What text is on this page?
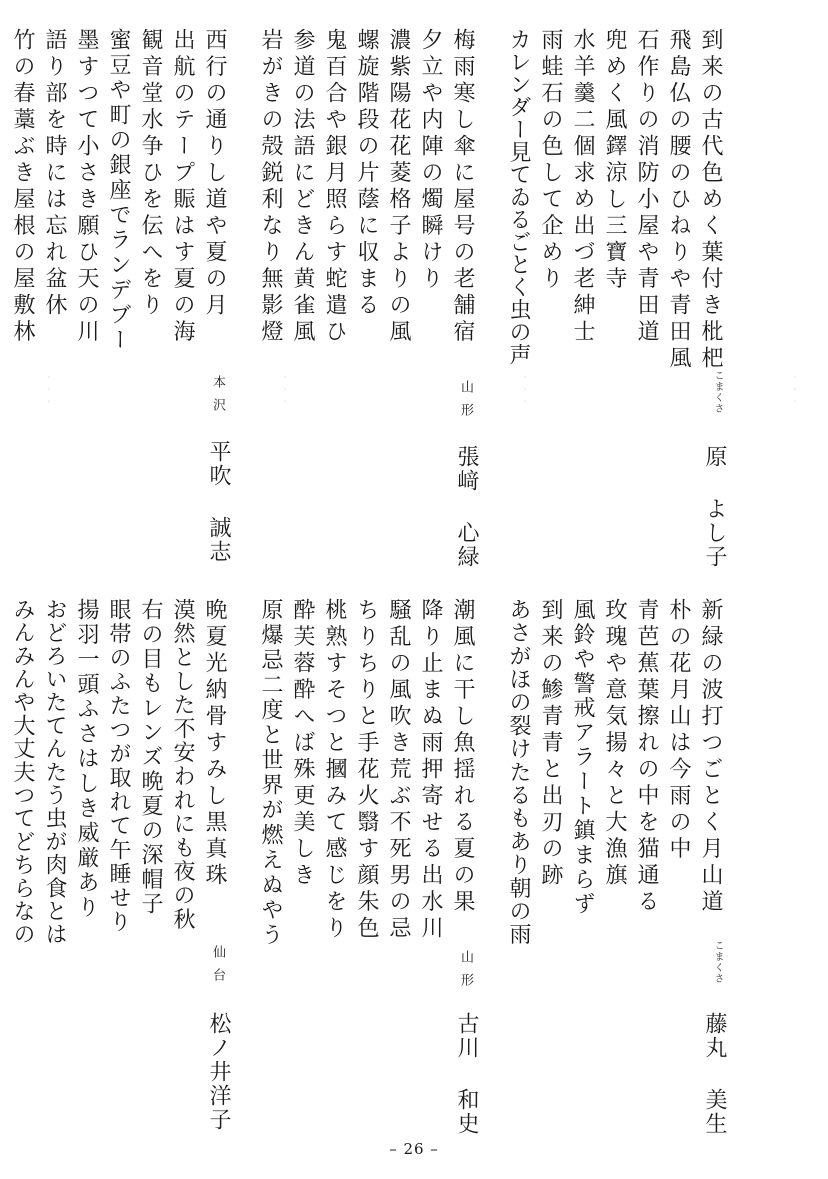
‧‧‧
‧‧‧
‧‧‧
‧‧‧
到来の古代色めく葉付き枇杷
飛島仏の腰のひねりや青田風
石作りの消防小屋や青田道
兜めく風鐸涼し三寶寺
水羊羹二個求め出づ老紳士
雨蛙石の色して企めり
カレンダー見てゐるごとく虫の声
こまくさ
原よし子
梅雨寒し傘に屋号の老舗宿
夕立や内陣の燭瞬けり
濃紫陽花花菱格子よりの風
螺旋階段の片蔭に収まる
鬼百合や銀月照らす蛇遣ひ
参道の法語にどきん黄雀風
岩がきの殻鋭利なり無影燈
山形
張﨑心緑
西行の通りし道や夏の月
出航のテープ賑はす夏の海
観音堂水争ひを伝へをり
蜜豆や町の銀座でランデブー
墨すつて小さき願ひ天の川
語り部を時には忘れ盆休
竹の春藁ぶき屋根の屋敷林
本沢
平吹誠志
新緑の波打つごとく月山道
朴の花月山は今雨の中
青芭蕉葉擦れの中を猫通る
玫瑰や意気揚々と大漁旗
風鈴や警戒アラート鎮まらず
到来の鯵青青と出刃の跡
あさがほの裂けたるもあり朝の雨
こまくさ
藤丸美生
潮風に干し魚揺れる夏の果
降り止まぬ雨押寄せる出水川
騒乱の風吹き荒ぶ不死男の忌
ちりちりと手花火翳す顔朱色
桃熟すそつと摑みて感じをり
酔芙蓉酔へば殊更美しき
原爆忌二度と世界が燃えぬやう
山形
古川和史
晩夏光納骨すみし黒真珠
漠然とした不安われにも夜の秋
右の目もレンズ晩夏の深帽子
眼帯のふたつが取れて午睡せり
揚羽一頭ふさはしき威厳あり
おどろいたてんたう虫が肉食とは
みんみんや大丈夫つてどちらなの
仙台
松ノ井洋子
– 26 –
